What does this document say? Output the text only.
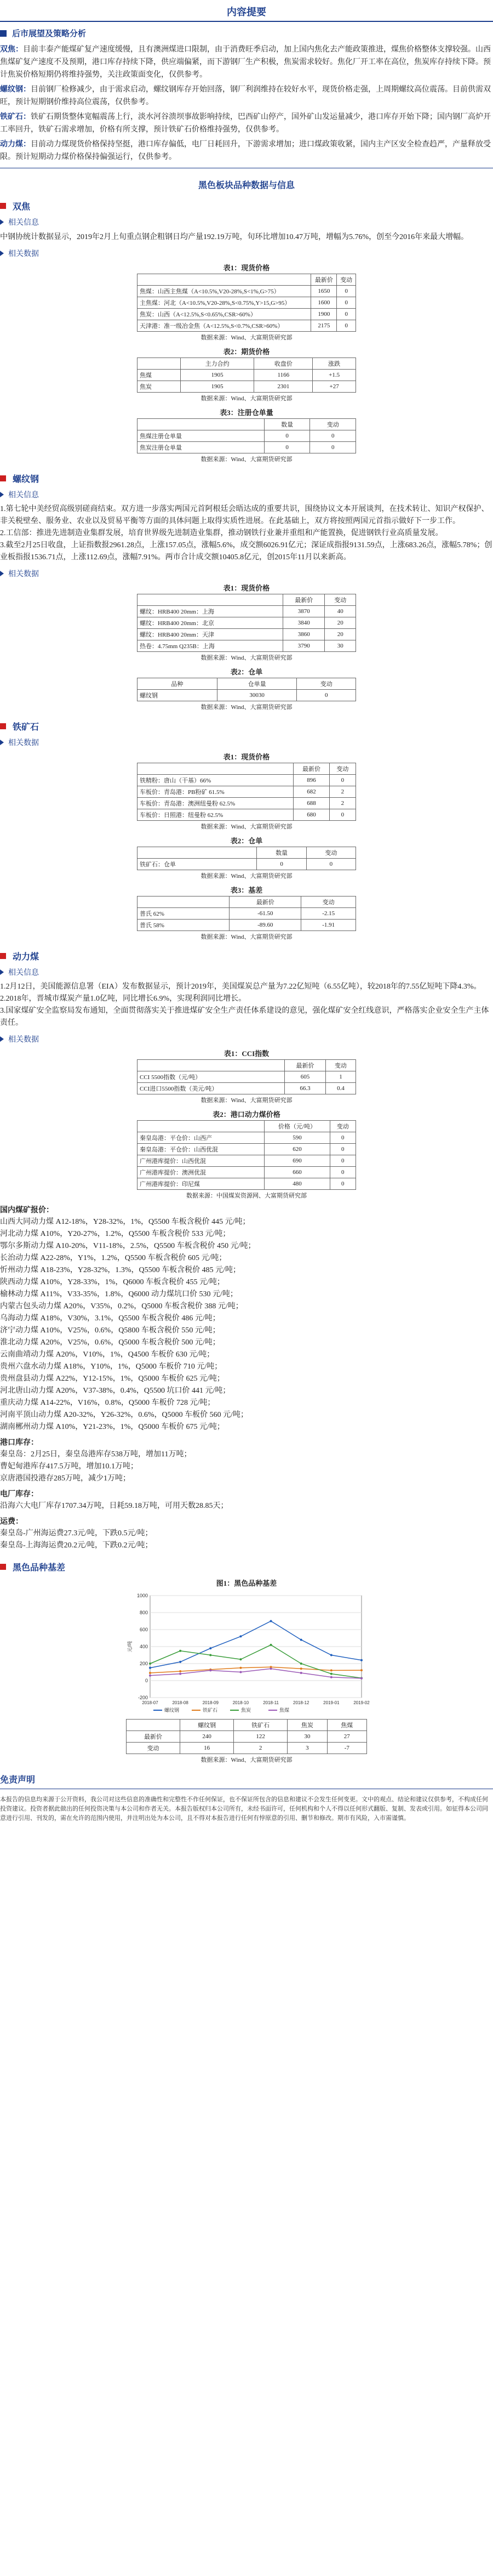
内容提要
后市展望及策略分析

双焦：目前丰泰产能煤矿复产速度缓慢，且有澳洲煤进口限制，由于消费旺季启动，加上国内焦化去产能政策推进，煤焦价格整体支撑较强。山西焦煤矿复产速度不及预期，港口库存持续下降，供应端偏紧，而下游钢厂生产积极，焦炭需求较好。焦化厂开工率在高位，焦炭库存持续下降。预计焦炭价格短期仍将维持强势，关注政策面变化，仅供参考。

螺纹钢：目前钢厂检修减少，由于需求启动，螺纹钢库存开始回落，钢厂利润维持在较好水平，现货价格走强，上周期螺纹高位震荡。目前供需双旺，预计短期钢价维持高位震荡，仅供参考。

铁矿石：铁矿石期货整体宽幅震荡上行，淡水河谷溃坝事故影响持续，巴西矿山停产，国外矿山发运量减少，港口库存开始下降；国内钢厂高炉开工率回升，铁矿石需求增加，价格有所支撑，预计铁矿石价格维持强势，仅供参考。

动力煤：目前动力煤现货价格保持坚挺，港口库存偏低，电厂日耗回升，下游需求增加；进口煤政策收紧，国内主产区安全检查趋严，产量释放受限。预计短期动力煤价格保持偏强运行，仅供参考。

黑色板块品种数据与信息
双焦
相关信息

中钢协统计数据显示，2019年2月上旬重点钢企粗钢日均产量192.19万吨，旬环比增加10.47万吨，增幅为5.76%，创至今2016年来最大增幅。

相关数据
表1：现货价格
	最新价	变动
焦煤：山西主焦煤（A<10.5%,V20-28%,S<1%,G>75）	1650	0
主焦煤：河北（A<10.5%,V20-28%,S<0.75%,Y>15,G>95）	1600	0
焦炭：山西（A<12.5%,S<0.65%,CSR>60%）	1900	0
天津港：准一级冶金焦（A<12.5%,S<0.7%,CSR>60%）	2175	0
数据来源：Wind、大富期货研究部
表2：期货价格
	主力合约	收盘价	涨跌
焦煤	1905	1166	+1.5
焦炭	1905	2301	+27
数据来源：Wind、大富期货研究部
表3：注册仓单量
	数量	变动
焦煤注册仓单量	0	0
焦炭注册仓单量	0	0
数据来源：Wind、大富期货研究部
螺纹钢
相关信息

1.第七轮中美经贸高级别磋商结束。双方进一步落实两国元首阿根廷会晤达成的重要共识，围绕协议文本开展谈判，在技术转让、知识产权保护、非关税壁垒、服务业、农业以及贸易平衡等方面的具体问题上取得实质性进展。在此基础上，双方将按照两国元首指示做好下一步工作。

2.工信部：推进先进制造业集群发展，培育世界级先进制造业集群，推动钢铁行业兼并重组和产能置换，促进钢铁行业高质量发展。

3.截至2月25日收盘，上证指数报2961.28点，上涨157.05点，涨幅5.6%，成交额6026.91亿元；深证成指报9131.59点，上涨683.26点，涨幅5.78%；创业板指报1536.71点，上涨112.69点，涨幅7.91%。两市合计成交额10405.8亿元，创2015年11月以来新高。

相关数据
表1：现货价格
	最新价	变动
螺纹：HRB400 20mm：上海	3870	40
螺纹：HRB400 20mm：北京	3840	20
螺纹：HRB400 20mm：天津	3860	20
热卷：4.75mm Q235B：上海	3790	30
数据来源：Wind、大富期货研究部
表2：仓单
品种	仓单量	变动
螺纹钢	30030	0
数据来源：Wind、大富期货研究部
铁矿石
相关数据
表1：现货价格
	最新价	变动
铁精粉：唐山（干基）66%	896	0
车板价：青岛港：PB粉矿 61.5%	682	2
车板价：青岛港：澳洲纽曼粉 62.5%	688	2
车板价：日照港：纽曼粉 62.5%	680	0
数据来源：Wind、大富期货研究部
表2：仓单
	数量	变动
铁矿石：仓单	0	0
数据来源：Wind、大富期货研究部
表3：基差
	最新价	变动
普氏 62%	-61.50	-2.15
普氏 58%	-89.60	-1.91
数据来源：Wind、大富期货研究部
动力煤
相关信息

1.2月12日，美国能源信息署（EIA）发布数据显示，预计2019年，美国煤炭总产量为7.22亿短吨（6.55亿吨），较2018年的7.55亿短吨下降4.3%。

2.2018年，晋城市煤炭产量1.0亿吨，同比增长6.9%，实现利润同比增长。

3.国家煤矿安全监察局发布通知，全面贯彻落实关于推进煤矿安全生产责任体系建设的意见，强化煤矿安全红线意识，严格落实企业安全生产主体责任。

相关数据
表1：CCI指数
	最新价	变动
CCI 5500指数（元/吨）	605	1
CCI进口5500指数（美元/吨）	66.3	0.4
数据来源：Wind、大富期货研究部
表2：港口动力煤价格
	价格（元/吨）	变动
秦皇岛港：平仓价：山西产	590	0
秦皇岛港：平仓价：山西优混	620	0
广州港库提价：山西优混	690	0
广州港库提价：澳洲优混	660	0
广州港库提价：印尼煤	480	0
数据来源：中国煤炭资源网、大富期货研究部
国内煤矿报价：

山西大同动力煤 A12-18%，Y28-32%，1%，Q5500 车板含税价 445 元/吨；

河北动力煤 A10%，Y20-27%，1.2%，Q5500 车板含税价 533 元/吨；

鄂尔多斯动力煤 A10-20%，V11-18%，2.5%，Q5500 车板含税价 450 元/吨；

长治动力煤 A22-28%，Y1%，1.2%，Q5500 车板含税价 605 元/吨；

忻州动力煤 A18-23%，Y28-32%，1.3%，Q5500 车板含税价 485 元/吨；

陕西动力煤 A10%，Y28-33%，1%，Q6000 车板含税价 455 元/吨；

榆林动力煤 A11%，V33-35%，1.8%，Q6000 动力煤坑口价 530 元/吨；

内蒙古包头动力煤 A20%，V35%，0.2%，Q5000 车板含税价 388 元/吨；

乌海动力煤 A18%，V30%，3.1%，Q5500 车板含税价 486 元/吨；

济宁动力煤 A10%，V25%，0.6%，Q5800 车板含税价 550 元/吨；

淮北动力煤 A20%，V25%，0.6%，Q5000 车板含税价 500 元/吨；

云南曲靖动力煤 A20%，V10%，1%，Q4500 车板价 630 元/吨；

贵州六盘水动力煤 A18%，Y10%，1%，Q5000 车板价 710 元/吨；

贵州盘县动力煤 A22%，Y12-15%，1%，Q5000 车板价 625 元/吨；

河北唐山动力煤 A20%，V37-38%，0.4%，Q5500 坑口价 441 元/吨；

重庆动力煤 A14-22%，V16%，0.8%，Q5000 车板价 728 元/吨；

河南平顶山动力煤 A20-32%，Y26-32%，0.6%，Q5000 车板价 560 元/吨；

湖南郴州动力煤 A10%，Y21-23%，1%，Q5000 车板价 675 元/吨；

港口库存：

秦皇岛：2月25日，秦皇岛港库存538万吨，增加11万吨；

曹妃甸港库存417.5万吨，增加10.1万吨；

京唐港国投港存285万吨，减少1万吨；

电厂库存：

沿海六大电厂库存1707.34万吨，日耗59.18万吨，可用天数28.85天；

运费：

秦皇岛-广州海运费27.3元/吨，下跌0.5元/吨；

秦皇岛-上海海运费20.2元/吨，下跌0.2元/吨；

黑色品种基差
图1：黑色品种基差
-200
0
200
400
600
800
1000
2018-07	2018-08	2018-09	2018-10	2018-11	2018-12	2019-01	2019-02
元/吨
螺纹钢	铁矿石	焦炭	焦煤
	螺纹钢	铁矿石	焦炭	焦煤
最新价	240	122	30	27
变动	16	2	3	-7
数据来源：Wind、大富期货研究部
免责声明

本报告的信息均来源于公开资料，我公司对这些信息的准确性和完整性不作任何保证，也不保证所包含的信息和建议不会发生任何变更。文中的观点、结论和建议仅供参考，不构成任何投资建议。投资者据此做出的任何投资决策与本公司和作者无关。本报告版权归本公司所有，未经书面许可，任何机构和个人不得以任何形式翻版、复制、发表或引用。如征得本公司同意进行引用、刊发的，需在允许的范围内使用，并注明出处为本公司，且不得对本报告进行任何有悖原意的引用、删节和修改。期市有风险，入市需谨慎。
